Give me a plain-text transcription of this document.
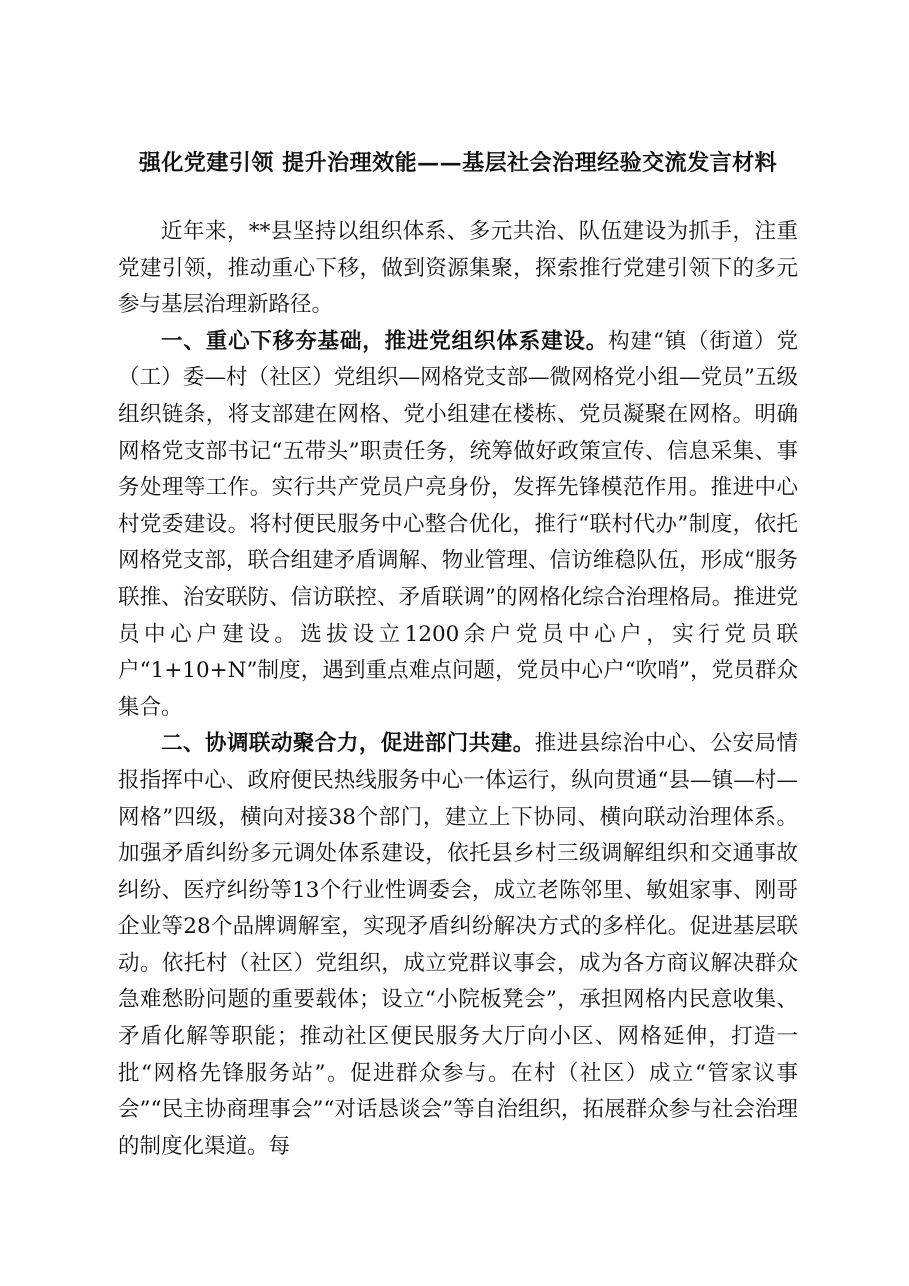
强化党建引领 提升治理效能——基层社会治理经验交流发言材料

近年来，**县坚持以组织体系、多元共治、队伍建设为抓手，注重党建引领，推动重心下移，做到资源集聚，探索推行党建引领下的多元参与基层治理新路径。

一、重心下移夯基础，推进党组织体系建设。构建“镇（街道）党（工）委—村（社区）党组织—网格党支部—微网格党小组—党员”五级组织链条，将支部建在网格、党小组建在楼栋、党员凝聚在网格。明确网格党支部书记“五带头”职责任务，统筹做好政策宣传、信息采集、事务处理等工作。实行共产党员户亮身份，发挥先锋模范作用。推进中心村党委建设。将村便民服务中心整合优化，推行“联村代办”制度，依托网格党支部，联合组建矛盾调解、物业管理、信访维稳队伍，形成“服务联推、治安联防、信访联控、矛盾联调”的网格化综合治理格局。推进党员中心户建设。选拔设立1200余户党员中心户，实行党员联户“1+10+N”制度，遇到重点难点问题，党员中心户“吹哨”，党员群众集合。

二、协调联动聚合力，促进部门共建。推进县综治中心、公安局情报指挥中心、政府便民热线服务中心一体运行，纵向贯通“县—镇—村—网格”四级，横向对接38个部门，建立上下协同、横向联动治理体系。加强矛盾纠纷多元调处体系建设，依托县乡村三级调解组织和交通事故纠纷、医疗纠纷等13个行业性调委会，成立老陈邻里、敏姐家事、刚哥企业等28个品牌调解室，实现矛盾纠纷解决方式的多样化。促进基层联动。依托村（社区）党组织，成立党群议事会，成为各方商议解决群众急难愁盼问题的重要载体；设立“小院板凳会”，承担网格内民意收集、矛盾化解等职能；推动社区便民服务大厅向小区、网格延伸，打造一批“网格先锋服务站”。促进群众参与。在村（社区）成立“管家议事会”“民主协商理事会”“对话恳谈会”等自治组织，拓展群众参与社会治理的制度化渠道。每
